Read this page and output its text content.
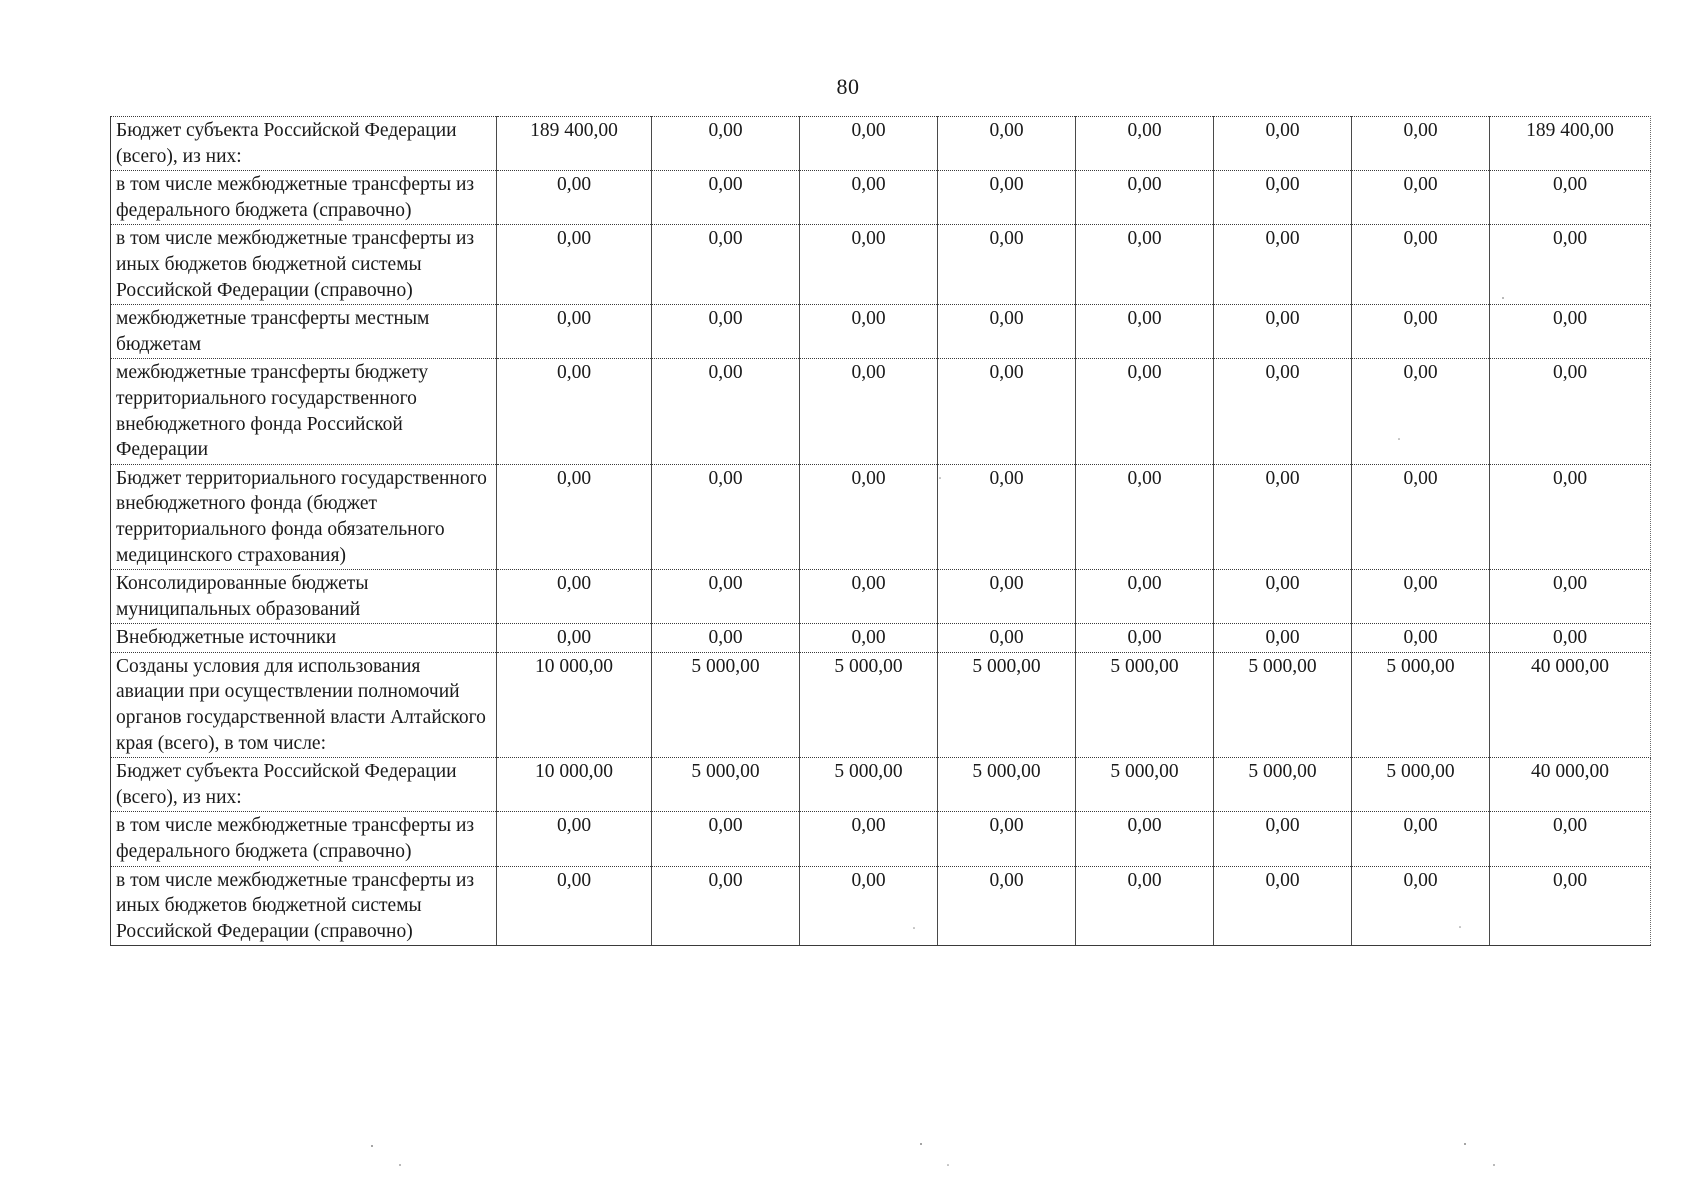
80
Бюджет субъекта Российской Федерации (всего), из них:	189 400,00	0,00	0,00	0,00	0,00	0,00	0,00	189 400,00
в том числе межбюджетные трансферты из федерального бюджета (справочно)	0,00	0,00	0,00	0,00	0,00	0,00	0,00	0,00
в том числе межбюджетные трансферты из иных бюджетов бюджетной системы Российской Федерации (справочно)	0,00	0,00	0,00	0,00	0,00	0,00	0,00	0,00
межбюджетные трансферты местным бюджетам	0,00	0,00	0,00	0,00	0,00	0,00	0,00	0,00
межбюджетные трансферты бюджету территориального государственного внебюджетного фонда Российской Федерации	0,00	0,00	0,00	0,00	0,00	0,00	0,00	0,00
Бюджет территориального государственного внебюджетного фонда (бюджет территориального фонда обязательного медицинского страхования)	0,00	0,00	0,00	0,00	0,00	0,00	0,00	0,00
Консолидированные бюджеты муниципальных образований	0,00	0,00	0,00	0,00	0,00	0,00	0,00	0,00
Внебюджетные источники	0,00	0,00	0,00	0,00	0,00	0,00	0,00	0,00
Созданы условия для использования авиации при осуществлении полномочий органов государственной власти Алтайского края (всего), в том числе:	10 000,00	5 000,00	5 000,00	5 000,00	5 000,00	5 000,00	5 000,00	40 000,00
Бюджет субъекта Российской Федерации (всего), из них:	10 000,00	5 000,00	5 000,00	5 000,00	5 000,00	5 000,00	5 000,00	40 000,00
в том числе межбюджетные трансферты из федерального бюджета (справочно)	0,00	0,00	0,00	0,00	0,00	0,00	0,00	0,00
в том числе межбюджетные трансферты из иных бюджетов бюджетной системы Российской Федерации (справочно)	0,00	0,00	0,00	0,00	0,00	0,00	0,00	0,00
